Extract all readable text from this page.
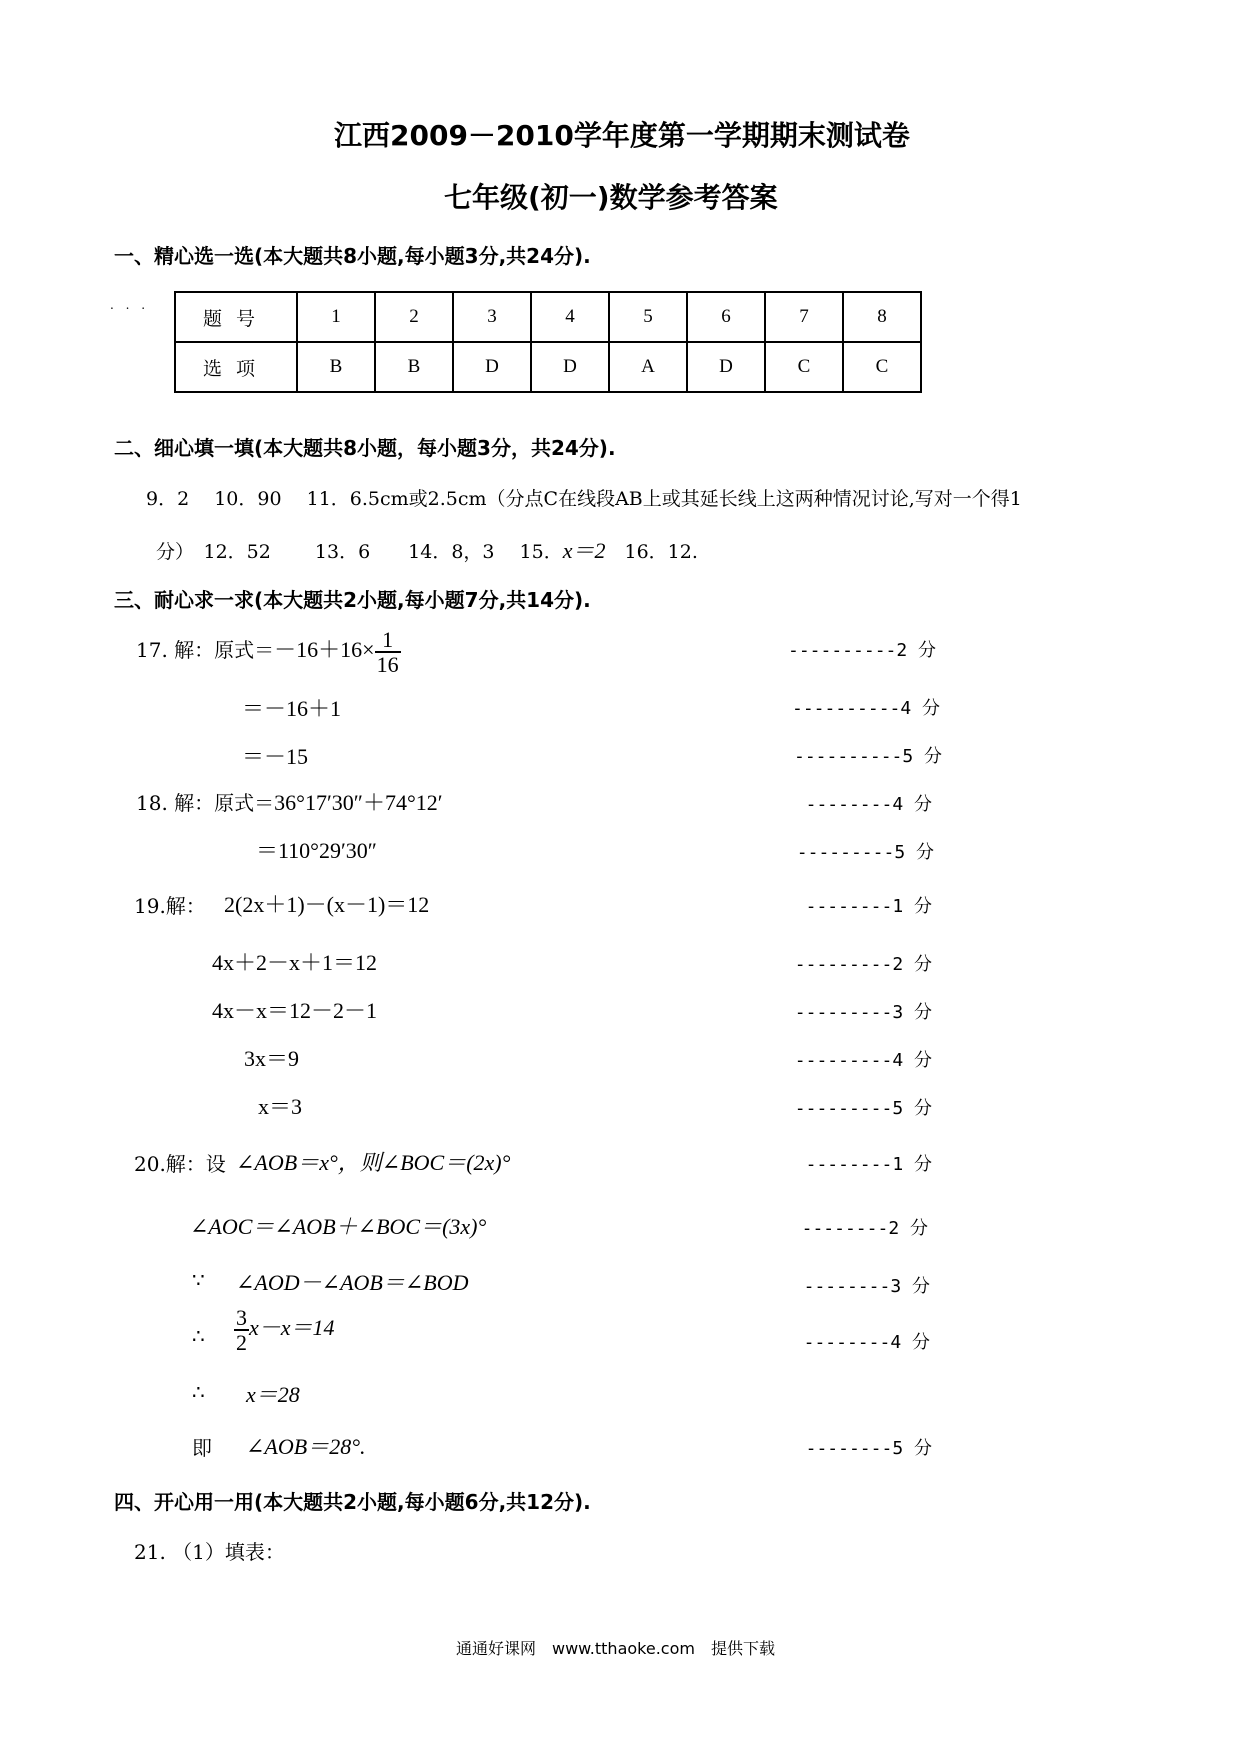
江西2009－2010学年度第一学期期末测试卷
七年级(初一)数学参考答案
一、精心选一选(本大题共8小题,每小题3分,共24分).
. . .
题号	1	2	3	4	5	6	7	8
选项	B	B	D	D	A	D	C	C
二、细心填一填(本大题共8小题，每小题3分，共24分).
9．2　 10．90　 11．6.5cm或2.5cm（分点C在线段AB上或其延长线上这两种情况讨论,写对一个得1
分）　12．52　　 13．6　　14．8，3　 15．x＝2　16．12.
三、耐心求一求(本大题共2小题,每小题7分,共14分).
17. 解：原式$=-16+16\times \frac{1}{16}$
＝－16＋1
＝－15
----------2 分
----------4 分
----------5 分
18. 解：原式＝36°17′30″＋74°12′
＝110°29′30″
--------4 分
---------5 分
19.解： 2(2x＋1)－(x－1)＝12
4x＋2－x＋1＝12
4x－x＝12－2－1
3x＝9
x＝3
--------1 分
---------2 分
---------3 分
---------4 分
---------5 分
20.解：设 ∠AOB＝x°，则∠BOC＝(2x)°
∠AOC＝∠AOB＋∠BOC＝(3x)°
∵ ∠AOD－∠AOB＝∠BOD
∴ $\frac{3}{2} x-x=14$
∴ x＝28
即 ∠AOB＝28°.
--------1 分
--------2 分
--------3 分
--------4 分
--------5 分
四、开心用一用(本大题共2小题,每小题6分,共12分).
21. （1）填表：
通通好课网　www.tthaoke.com　提供下载
